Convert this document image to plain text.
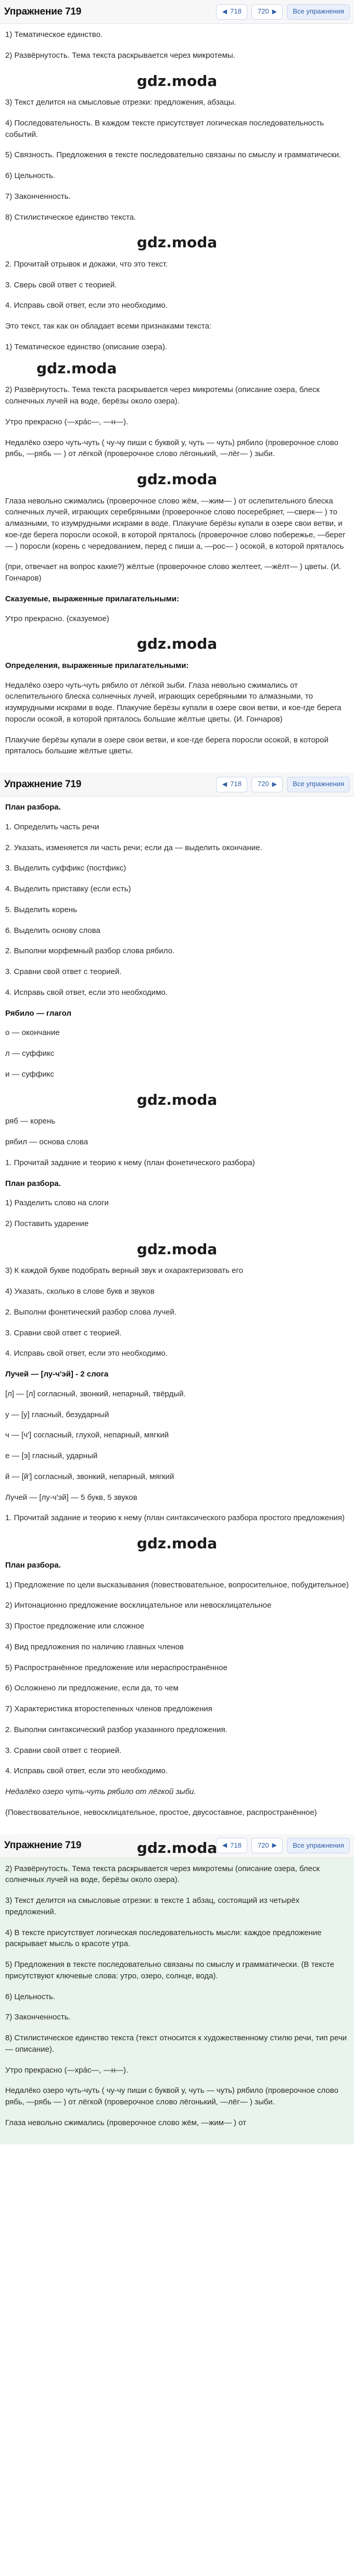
Упражнение 719	◀ 718 720 ▶	Все упражнения

1) Тематическое единство.

2) Развёрнутость. Тема текста раскрывается через микротемы.

gdz.moda

3) Текст делится на смысловые отрезки: предложения, абзацы.

4) Последовательность. В каждом тексте присутствует логическая последовательность событий.

5) Связность. Предложения в тексте последовательно связаны по смыслу и грамматически.

6) Цельность.

7) Законченность.

8) Стилистическое единство текста.

gdz.moda

2. Прочитай отрывок и докажи, что это текст.

3. Сверь свой ответ с теорией.

4. Исправь свой ответ, если это необходимо.

Это текст, так как он обладает всеми признаками текста:

1) Тематическое единство (описание озера).

gdz.moda

2) Развёрнутость. Тема текста раскрывается через микротемы (описание озера, блеск солнечных лучей на воде, берёзы около озера).

Утро прекрасно (—хрáс—, —н—).

Недалёко озеро чуть-чуть ( чу-чу пиши с буквой у, чуть — чуть) рябило (проверочное слово рябь, —рябь — ) от лёгкой (проверочное слово лёгонький, —лёг— ) зыби.

gdz.moda

Глаза невольно сжимались (проверочное слово жём, —жим— ) от ослепительного блеска солнечных лучей, играющих серебряными (проверочное слово посеребряет, —сверк— ) то алмазными, то изумрудными искрами в воде. Плакучие берёзы купали в озере свои ветви, и кое-где берега поросли осокой, в которой пряталось (проверочное слово побережье, —берег— ) поросли (корень с чередованием, перед с пиши а, —рос— ) осокой, в которой пряталось

(при, отвечает на вопрос какие?) жёлтые (проверочное слово желтеет, —жёлт— ) цветы. (И. Гончаров)

Сказуемые, выраженные прилагательными:

Утро прекрасно. (сказуемое)

gdz.moda

Определения, выраженные прилагательными:

Недалёко озеро чуть-чуть рябило от лёгкой зыби. Глаза невольно сжимались от ослепительного блеска солнечных лучей, играющих серебряными то алмазными, то изумрудными искрами в воде. Плакучие берёзы купали в озере свои ветви, и кое-где берега поросли осокой, в которой пряталось большие жёлтые цветы. (И. Гончаров)

Плакучие берёзы купали в озере свои ветви, и кое-где берега поросли осокой, в которой пряталось большие жёлтые цветы.

Упражнение 719	◀ 718 720 ▶	Все упражнения

План разбора.

1. Определить часть речи

2. Указать, изменяется ли часть речи; если да — выделить окончание.

3. Выделить суффикс (постфикс)

4. Выделить приставку (если есть)

5. Выделить корень

6. Выделить основу слова

2. Выполни морфемный разбор слова рябило.

3. Сравни свой ответ с теорией.

4. Исправь свой ответ, если это необходимо.

Рябило — глагол

о — окончание

л — суффикс

и — суффикс

gdz.moda

ряб — корень

рябил — основа слова

1. Прочитай задание и теорию к нему (план фонетического разбора)

План разбора.

1) Разделить слово на слоги

2) Поставить ударение

gdz.moda

3) К каждой букве подобрать верный звук и охарактеризовать его

4) Указать, сколько в слове букв и звуков

2. Выполни фонетический разбор слова лучей.

3. Сравни свой ответ с теорией.

4. Исправь свой ответ, если это необходимо.

Лучей — [лу-ч'эй] - 2 слога

[л] — [л] согласный, звонкий, непарный, твёрдый.

у — [у] гласный, безударный

ч — [ч'] согласный, глухой, непарный, мягкий

е — [э] гласный, ударный

й — [й'] согласный, звонкий, непарный, мягкий

Лучей — [лу-ч'эй] — 5 букв, 5 звуков

1. Прочитай задание и теорию к нему (план синтаксического разбора простого предложения)

gdz.moda

План разбора.

1) Предложение по цели высказывания (повествовательное, вопросительное, побудительное)

2) Интонационно предложение восклицательное или невосклицательное

3) Простое предложение или сложное

4) Вид предложения по наличию главных членов

5) Распространённое предложение или нераспространённое

6) Осложнено ли предложение, если да, то чем

7) Характеристика второстепенных членов предложения

2. Выполни синтаксический разбор указанного предложения.

3. Сравни свой ответ с теорией.

4. Исправь свой ответ, если это необходимо.

Недалёко озеро чуть-чуть рябило от лёгкой зыби.

(Повествовательное, невосклицательное, простое, двусоставное, распространённое)

Упражнение 719	gdz.moda ◀ 718 720 ▶	Все упражнения

2) Развёрнутость. Тема текста раскрывается через микротемы (описание озера, блеск солнечных лучей на воде, берёзы около озера).

3) Текст делится на смысловые отрезки: в тексте 1 абзац, состоящий из четырёх предложений.

4) В тексте присутствует логическая последовательность мысли: каждое предложение раскрывает мысль о красоте утра.

5) Предложения в тексте последовательно связаны по смыслу и грамматически. (В тексте присутствуют ключевые слова: утро, озеро, солнце, вода).

6) Цельность.

7) Законченность.

8) Стилистическое единство текста (текст относится к художественному стилю речи, тип речи — описание).

Утро прекрасно (—хрáс—, —н—).

Недалёко озеро чуть-чуть ( чу-чу пиши с буквой у, чуть — чуть) рябило (проверочное слово рябь, —рябь — ) от лёгкой (проверочное слово лёгонький, —лёг— ) зыби.

Глаза невольно сжимались (проверочное слово жём, —жим— ) от
